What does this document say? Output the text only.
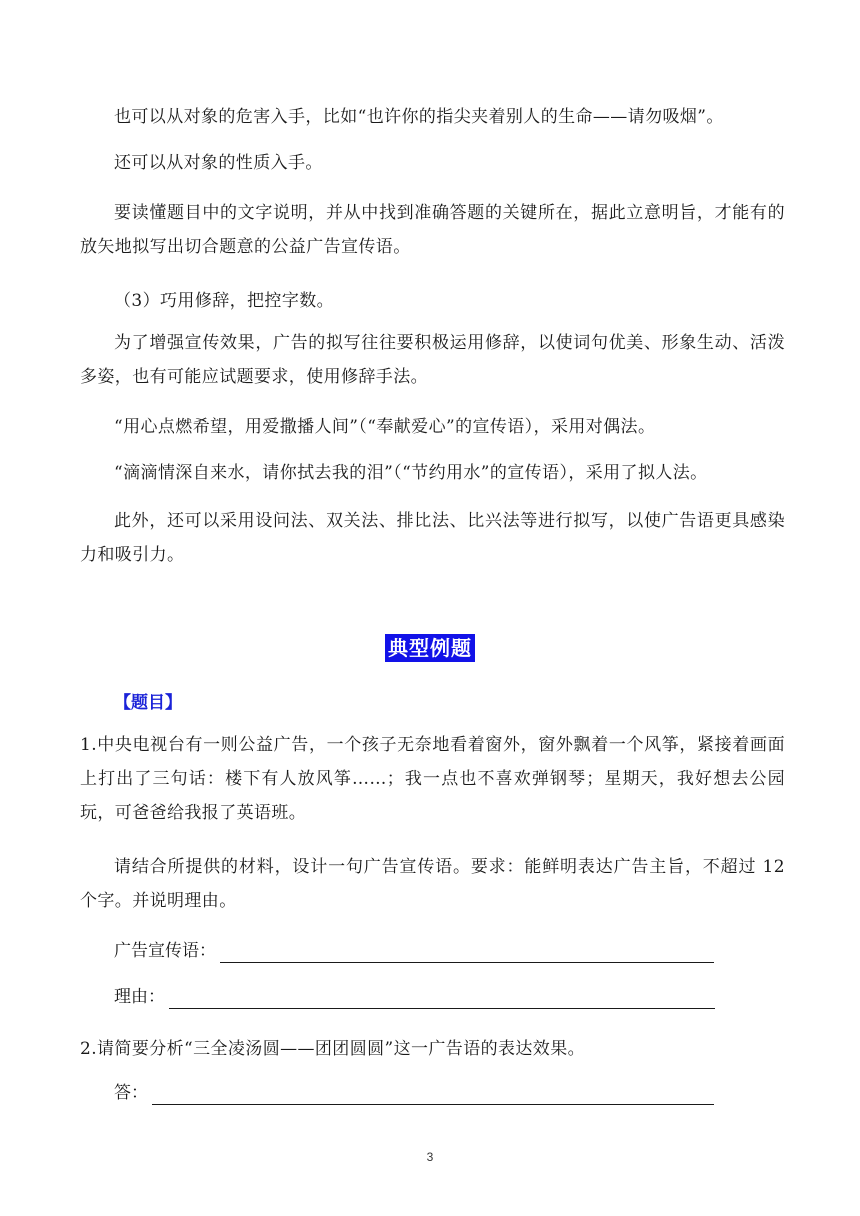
也可以从对象的危害入手，比如“也许你的指尖夹着别人的生命——请勿吸烟”。

还可以从对象的性质入手。

要读懂题目中的文字说明，并从中找到准确答题的关键所在，据此立意明旨，才能有的放矢地拟写出切合题意的公益广告宣传语。

（3）巧用修辞，把控字数。

为了增强宣传效果，广告的拟写往往要积极运用修辞，以使词句优美、形象生动、活泼多姿，也有可能应试题要求，使用修辞手法。

“用心点燃希望，用爱撒播人间”（“奉献爱心”的宣传语），采用对偶法。

“滴滴情深自来水，请你拭去我的泪”（“节约用水”的宣传语），采用了拟人法。

此外，还可以采用设问法、双关法、排比法、比兴法等进行拟写，以使广告语更具感染力和吸引力。

典型例题
【题目】

1.中央电视台有一则公益广告，一个孩子无奈地看着窗外，窗外飘着一个风筝，紧接着画面上打出了三句话：楼下有人放风筝……；我一点也不喜欢弹钢琴；星期天，我好想去公园玩，可爸爸给我报了英语班。

请结合所提供的材料，设计一句广告宣传语。要求：能鲜明表达广告主旨，不超过 12 个字。并说明理由。

广告宣传语：
理由：

2.请简要分析“三全凌汤圆——团团圆圆”这一广告语的表达效果。

答：
3
